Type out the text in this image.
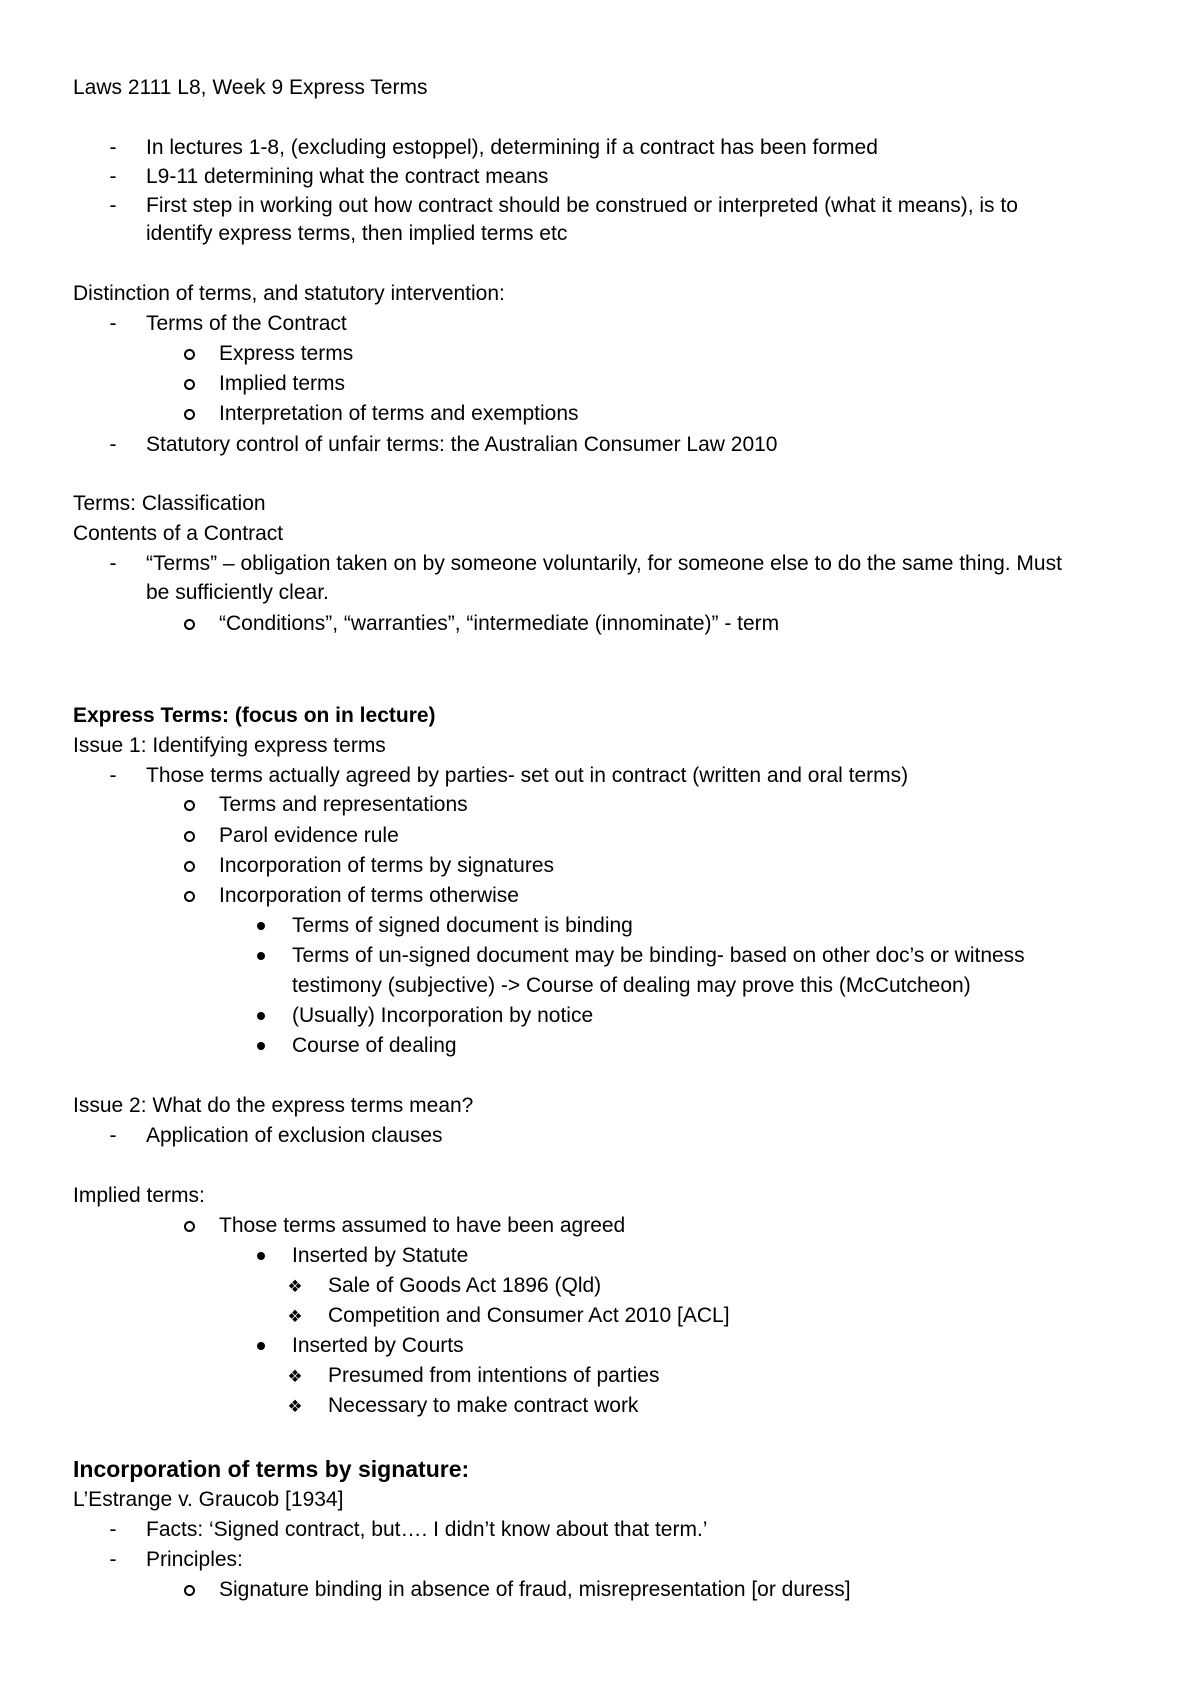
Laws 2111 L8, Week 9 Express Terms
-
In lectures 1-8, (excluding estoppel), determining if a contract has been formed
-
L9-11 determining what the contract means
-
First step in working out how contract should be construed or interpreted (what it means), is to
identify express terms, then implied terms etc
Distinction of terms, and statutory intervention:
-
Terms of the Contract
Express terms
Implied terms
Interpretation of terms and exemptions
-
Statutory control of unfair terms: the Australian Consumer Law 2010
Terms: Classification
Contents of a Contract
-
“Terms” – obligation taken on by someone voluntarily, for someone else to do the same thing. Must
be sufficiently clear.
“Conditions”, “warranties”, “intermediate (innominate)” - term
Express Terms: (focus on in lecture)
Issue 1: Identifying express terms
-
Those terms actually agreed by parties- set out in contract (written and oral terms)
Terms and representations
Parol evidence rule
Incorporation of terms by signatures
Incorporation of terms otherwise
Terms of signed document is binding
Terms of un-signed document may be binding- based on other doc’s or witness
testimony (subjective) -> Course of dealing may prove this (McCutcheon)
(Usually) Incorporation by notice
Course of dealing
Issue 2: What do the express terms mean?
-
Application of exclusion clauses
Implied terms:
Those terms assumed to have been agreed
Inserted by Statute
❖
Sale of Goods Act 1896 (Qld)
❖
Competition and Consumer Act 2010 [ACL]
Inserted by Courts
❖
Presumed from intentions of parties
❖
Necessary to make contract work
Incorporation of terms by signature:
L’Estrange v. Graucob [1934]
-
Facts: ‘Signed contract, but…. I didn’t know about that term.’
-
Principles:
Signature binding in absence of fraud, misrepresentation [or duress]
